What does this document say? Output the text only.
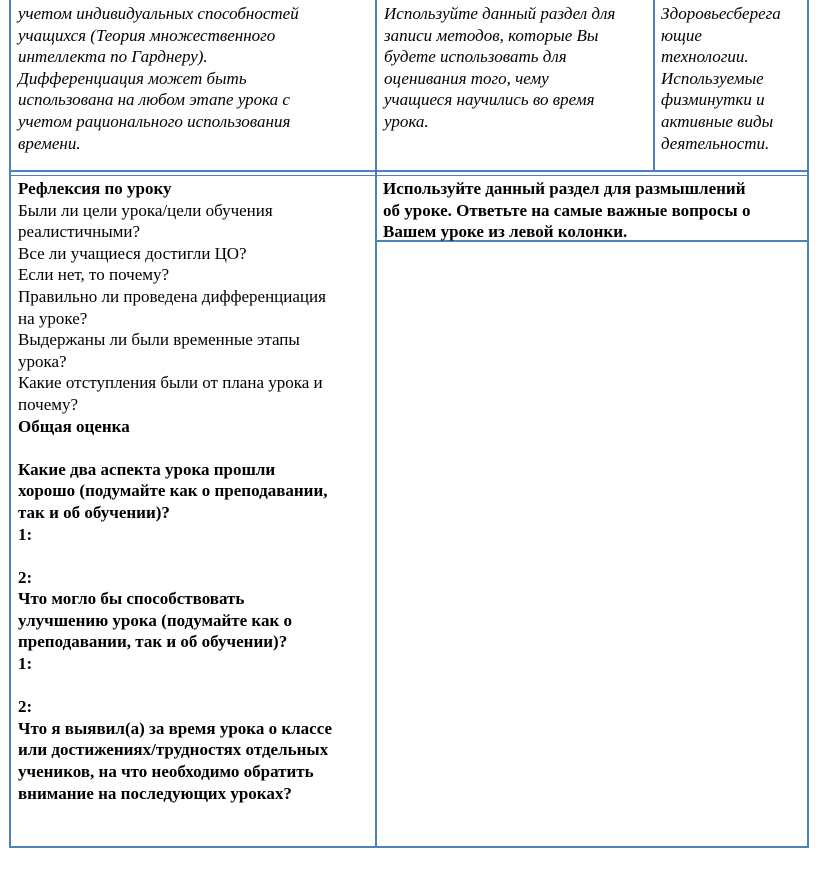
учетом индивидуальных способностей
учащихся (Теория множественного
интеллекта по Гарднеру).
Дифференциация может быть
использована на любом этапе урока с
учетом рационального использования
времени.
Используйте данный раздел для
записи методов, которые Вы
будете использовать для
оценивания того, чему
учащиеся научились во время
урока.
Здоровьесберега
ющие
технологии.
Используемые
физминутки и
активные виды
деятельности.
Рефлексия по уроку
Были ли цели урока/цели обучения
реалистичными?
Все ли учащиеся достигли ЦО?
Если нет, то почему?
Правильно ли проведена дифференциация
на уроке?
Выдержаны ли были временные этапы
урока?
Какие отступления были от плана урока и
почему?
Общая оценка
Какие два аспекта урока прошли
хорошо (подумайте как о преподавании,
так и об обучении)?
1:
2:
Что могло бы способствовать
улучшению урока (подумайте как о
преподавании, так и об обучении)?
1:
2:
Что я выявил(а) за время урока о классе
или достижениях/трудностях отдельных
учеников, на что необходимо обратить
внимание на последующих уроках?
Используйте данный раздел для размышлений
об уроке. Ответьте на самые важные вопросы о
Вашем уроке из левой колонки.
